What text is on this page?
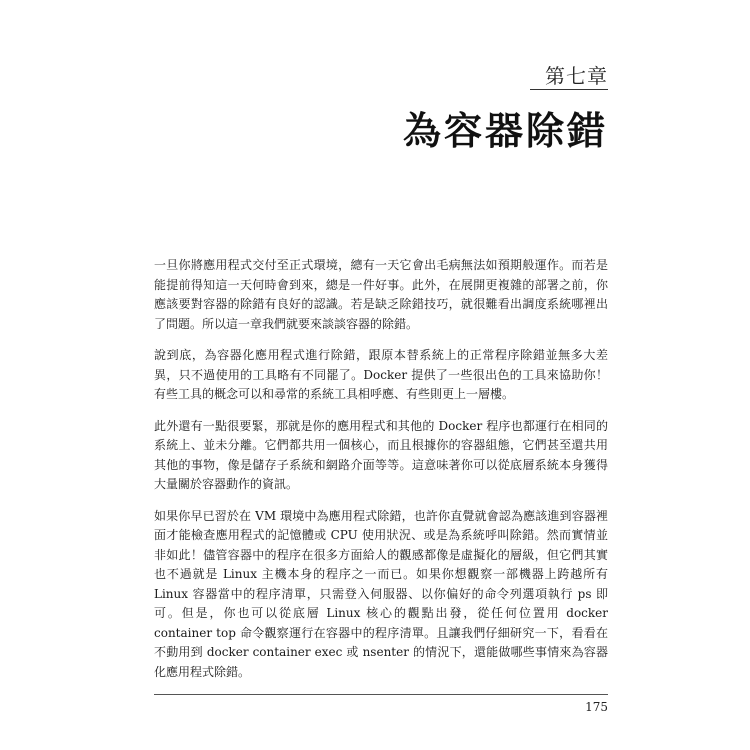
第七章
為容器除錯

一旦你將應用程式交付至正式環境，總有一天它會出毛病無法如預期般運作。而若是能提前得知這一天何時會到來，總是一件好事。此外，在展開更複雜的部署之前，你應該要對容器的除錯有良好的認識。若是缺乏除錯技巧，就很難看出調度系統哪裡出了問題。所以這一章我們就要來談談容器的除錯。

說到底，為容器化應用程式進行除錯，跟原本替系統上的正常程序除錯並無多大差異，只不過使用的工具略有不同罷了。Docker 提供了一些很出色的工具來協助你！有些工具的概念可以和尋常的系統工具相呼應、有些則更上一層樓。

此外還有一點很要緊，那就是你的應用程式和其他的 Docker 程序也都運行在相同的系統上、並未分離。它們都共用一個核心，而且根據你的容器組態，它們甚至還共用其他的事物，像是儲存子系統和網路介面等等。這意味著你可以從底層系統本身獲得大量關於容器動作的資訊。

如果你早已習於在 VM 環境中為應用程式除錯，也許你直覺就會認為應該進到容器裡面才能檢查應用程式的記憶體或 CPU 使用狀況、或是為系統呼叫除錯。然而實情並非如此！儘管容器中的程序在很多方面給人的觀感都像是虛擬化的層級，但它們其實也不過就是 Linux 主機本身的程序之一而已。如果你想觀察一部機器上跨越所有 Linux 容器當中的程序清單，只需登入伺服器、以你偏好的命令列選項執行 ps 即可。但是，你也可以從底層 Linux 核心的觀點出發，從任何位置用 docker container top 命令觀察運行在容器中的程序清單。且讓我們仔細研究一下，看看在不動用到 docker container exec 或 nsenter 的情況下，還能做哪些事情來為容器化應用程式除錯。

175
